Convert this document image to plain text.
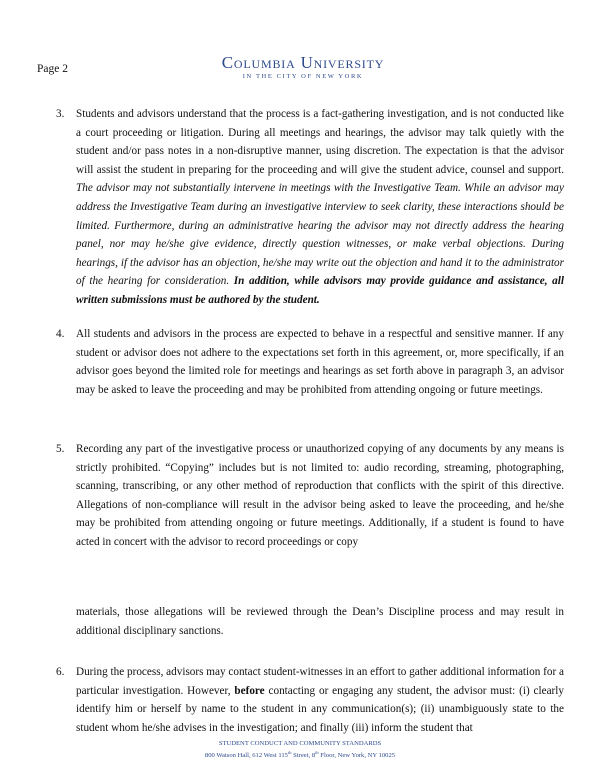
Page 2	Columbia University
IN THE CITY OF NEW YORK
3. Students and advisors understand that the process is a fact-gathering investigation, and is not conducted like a court proceeding or litigation. During all meetings and hearings, the advisor may talk quietly with the student and/or pass notes in a non-disruptive manner, using discretion. The expectation is that the advisor will assist the student in preparing for the proceeding and will give the student advice, counsel and support. The advisor may not substantially intervene in meetings with the Investigative Team. While an advisor may address the Investigative Team during an investigative interview to seek clarity, these interactions should be limited. Furthermore, during an administrative hearing the advisor may not directly address the hearing panel, nor may he/she give evidence, directly question witnesses, or make verbal objections. During hearings, if the advisor has an objection, he/she may write out the objection and hand it to the administrator of the hearing for consideration. In addition, while advisors may provide guidance and assistance, all written submissions must be authored by the student.
4. All students and advisors in the process are expected to behave in a respectful and sensitive manner. If any student or advisor does not adhere to the expectations set forth in this agreement, or, more specifically, if an advisor goes beyond the limited role for meetings and hearings as set forth above in paragraph 3, an advisor may be asked to leave the proceeding and may be prohibited from attending ongoing or future meetings.
5. Recording any part of the investigative process or unauthorized copying of any documents by any means is strictly prohibited. “Copying” includes but is not limited to: audio recording, streaming, photographing, scanning, transcribing, or any other method of reproduction that conflicts with the spirit of this directive. Allegations of non-compliance will result in the advisor being asked to leave the proceeding, and he/she may be prohibited from attending ongoing or future meetings. Additionally, if a student is found to have acted in concert with the advisor to record proceedings or copy
materials, those allegations will be reviewed through the Dean’s Discipline process and may result in additional disciplinary sanctions.
6. During the process, advisors may contact student-witnesses in an effort to gather additional information for a particular investigation. However, before contacting or engaging any student, the advisor must: (i) clearly identify him or herself by name to the student in any communication(s); (ii) unambiguously state to the student whom he/she advises in the investigation; and finally (iii) inform the student that
STUDENT CONDUCT AND COMMUNITY STANDARDS
800 Watson Hall, 612 West 115th Street, 8th Floor, New York, NY 10025
